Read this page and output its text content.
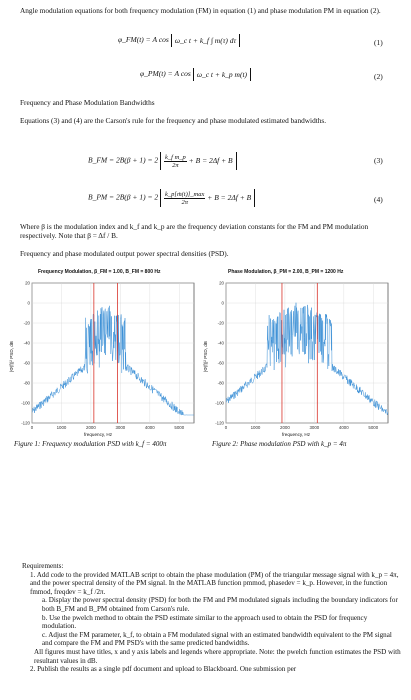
Angle modulation equations for both frequency modulation (FM) in equation (1) and phase modulation PM in equation (2).
φ_FM(t) = A cos ω_c t + k_f ∫ m(τ) dτ	(1)
φ_PM(t) = A cos ω_c t + k_p m(t)	(2)
Frequency and Phase Modulation Bandwidths
Equations (3) and (4) are the Carson's rule for the frequency and phase modulated estimated bandwidths.
B_FM = $2B(\beta + 1) = 2 \frac{\text{k\_f m\_p}}{2\pi} + B = 2\Delta f + B$	(3)
B_PM = $2B(\beta + 1) = 2 \frac{\text{k\_p[ṁ(t)]\_max}}{2\pi} + B = 2\Delta f + B$	(4)
Where β is the modulation index and k_f and k_p are the frequency deviation constants for the FM and PM modulation respectively. Note that β = Δf / B.
Frequency and phase modulated output power spectral densities (PSD).
Frequency Modulation, β_FM = 1.00, B_FM = 800 Hz
|Φ(f)|² PSD, dB
20
0
-20
-40
-60
-80
-100
-120
0	1000	2000	3000	4000	5000
frequency, Hz
Figure 1: Frequency modulation PSD with k_f = 400π
Phase Modulation, β_PM = 2.00, B_PM = 1200 Hz
|Φ(f)|² PSD, dB
20
0
-20
-40
-60
-80
-100
-120
0	1000	2000	3000	4000	5000
frequency, Hz
Figure 2: Phase modulation PSD with k_p = 4π
Requirements:
1. Add code to the provided MATLAB script to obtain the phase modulation (PM) of the triangular message signal with k_p = 4π, and the power spectral density of the PM signal. In the MATLAB function pmmod, phasedev = k_p. However, in the function fmmod, freqdev = k_f /2π.
a. Display the power spectral density (PSD) for both the FM and PM modulated signals including the boundary indicators for both B_FM and B_PM obtained from Carson's rule.
b. Use the pwelch method to obtain the PSD estimate similar to the approach used to obtain the PSD for frequency modulation.
c. Adjust the FM parameter, k_f, to obtain a FM modulated signal with an estimated bandwidth equivalent to the PM signal and compare the FM and PM PSD's with the same predicted bandwidths.
All figures must have titles, x and y axis labels and legends where appropriate. Note: the pwelch function estimates the PSD with resultant values in dB.
2. Publish the results as a single pdf document and upload to Blackboard. One submission per
